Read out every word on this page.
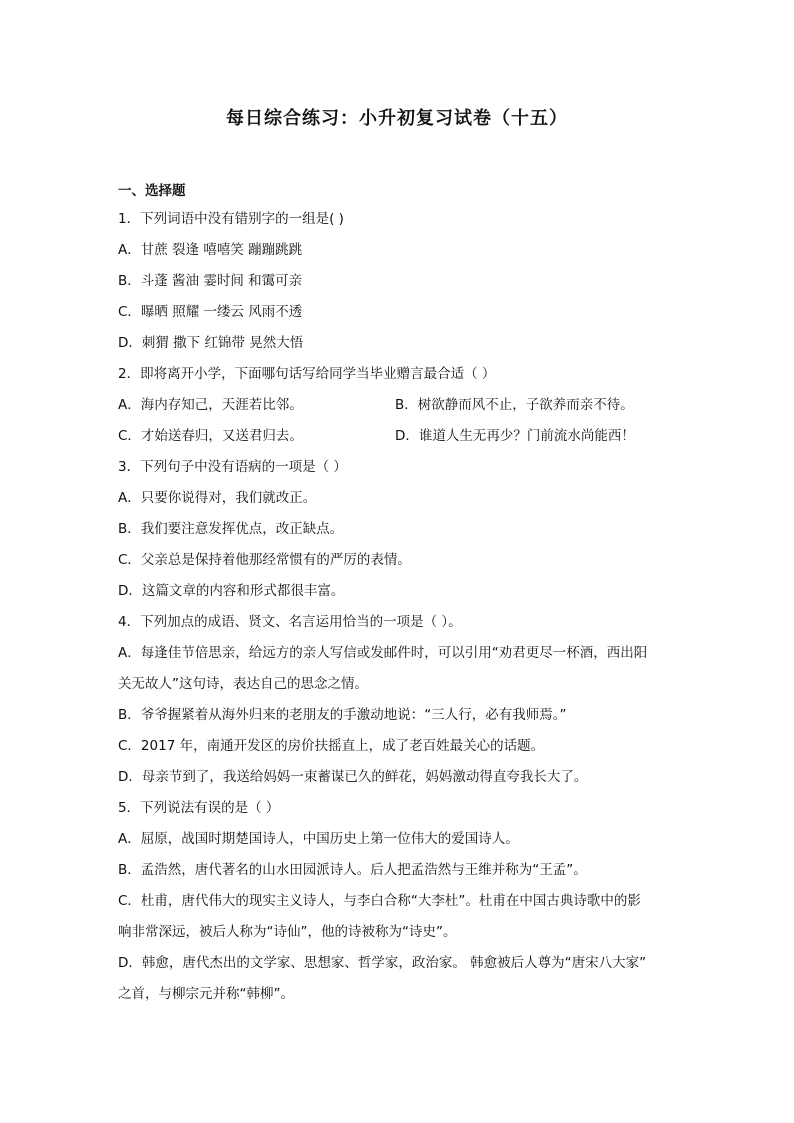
每日综合练习：小升初复习试卷（十五）
一、选择题
1．下列词语中没有错别字的一组是( )
A．甘蔗 裂逢 嘻嘻笑 蹦蹦跳跳
B．斗蓬 酱油 霎时间 和霭可亲
C．曝晒 照耀 一缕云 风雨不透
D．刺猬 撒下 红锦带 晃然大悟
2．即将离开小学，下面哪句话写给同学当毕业赠言最合适（ ）
A．海内存知己，天涯若比邻。	B．树欲静而风不止，子欲养而亲不待。
C．才始送春归，又送君归去。	D．谁道人生无再少？门前流水尚能西！
3．下列句子中没有语病的一项是（ ）
A．只要你说得对，我们就改正。
B．我们要注意发挥优点，改正缺点。
C．父亲总是保持着他那经常惯有的严厉的表情。
D．这篇文章的内容和形式都很丰富。
4．下列加点的成语、贤文、名言运用恰当的一项是（ ）。
A．每逢佳节倍思亲，给远方的亲人写信或发邮件时，可以引用“劝君更尽一杯酒，西出阳
关无故人”这句诗，表达自己的思念之情。
B．爷爷握紧着从海外归来的老朋友的手激动地说：“三人行，必有我师焉。”
C．2017 年，南通开发区的房价扶摇直上，成了老百姓最关心的话题。
D．母亲节到了，我送给妈妈一束蓄谋已久的鲜花，妈妈激动得直夸我长大了。
5．下列说法有误的是（ ）
A．屈原，战国时期楚国诗人，中国历史上第一位伟大的爱国诗人。
B．孟浩然，唐代著名的山水田园派诗人。后人把孟浩然与王维并称为“王孟”。
C．杜甫，唐代伟大的现实主义诗人，与李白合称“大李杜”。杜甫在中国古典诗歌中的影
响非常深远，被后人称为“诗仙”，他的诗被称为“诗史”。
D．韩愈，唐代杰出的文学家、思想家、哲学家，政治家。 韩愈被后人尊为“唐宋八大家”
之首，与柳宗元并称“韩柳”。
